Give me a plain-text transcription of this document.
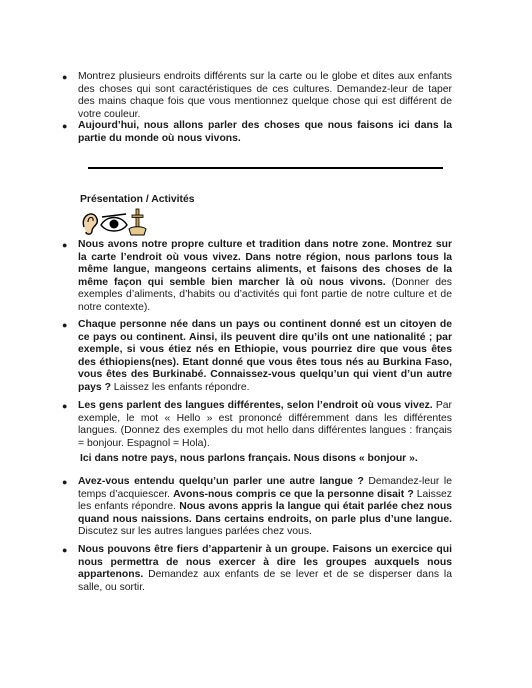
● Montrez plusieurs endroits différents sur la carte ou le globe et dites aux enfants des choses qui sont caractéristiques de ces cultures. Demandez-leur de taper des mains chaque fois que vous mentionnez quelque chose qui est différent de votre couleur.
● Aujourd’hui, nous allons parler des choses que nous faisons ici dans la partie du monde où nous vivons.
Présentation / Activités
● Nous avons notre propre culture et tradition dans notre zone. Montrez sur la carte l’endroit où vous vivez. Dans notre région, nous parlons tous la même langue, mangeons certains aliments, et faisons des choses de la même façon qui semble bien marcher là où nous vivons. (Donner des exemples d’aliments, d’habits ou d’activités qui font partie de notre culture et de notre contexte).
● Chaque personne née dans un pays ou continent donné est un citoyen de ce pays ou continent. Ainsi, ils peuvent dire qu’ils ont une nationalité ; par exemple, si vous étiez nés en Ethiopie, vous pourriez dire que vous êtes des éthiopiens(nes). Etant donné que vous êtes tous nés au Burkina Faso, vous êtes des Burkinabé. Connaissez-vous quelqu’un qui vient d’un autre pays ? Laissez les enfants répondre.
● Les gens parlent des langues différentes, selon l’endroit où vous vivez. Par exemple, le mot « Hello » est prononcé différemment dans les différentes langues. (Donnez des exemples du mot hello dans différentes langues : français = bonjour. Espagnol = Hola).
Ici dans notre pays, nous parlons français. Nous disons « bonjour ».
● Avez-vous entendu quelqu’un parler une autre langue ? Demandez-leur le temps d’acquiescer. Avons-nous compris ce que la personne disait ? Laissez les enfants répondre. Nous avons appris la langue qui était parlée chez nous quand nous naissions. Dans certains endroits, on parle plus d’une langue. Discutez sur les autres langues parlées chez vous.
● Nous pouvons être fiers d’appartenir à un groupe. Faisons un exercice qui nous permettra de nous exercer à dire les groupes auxquels nous appartenons. Demandez aux enfants de se lever et de se disperser dans la salle, ou sortir.
